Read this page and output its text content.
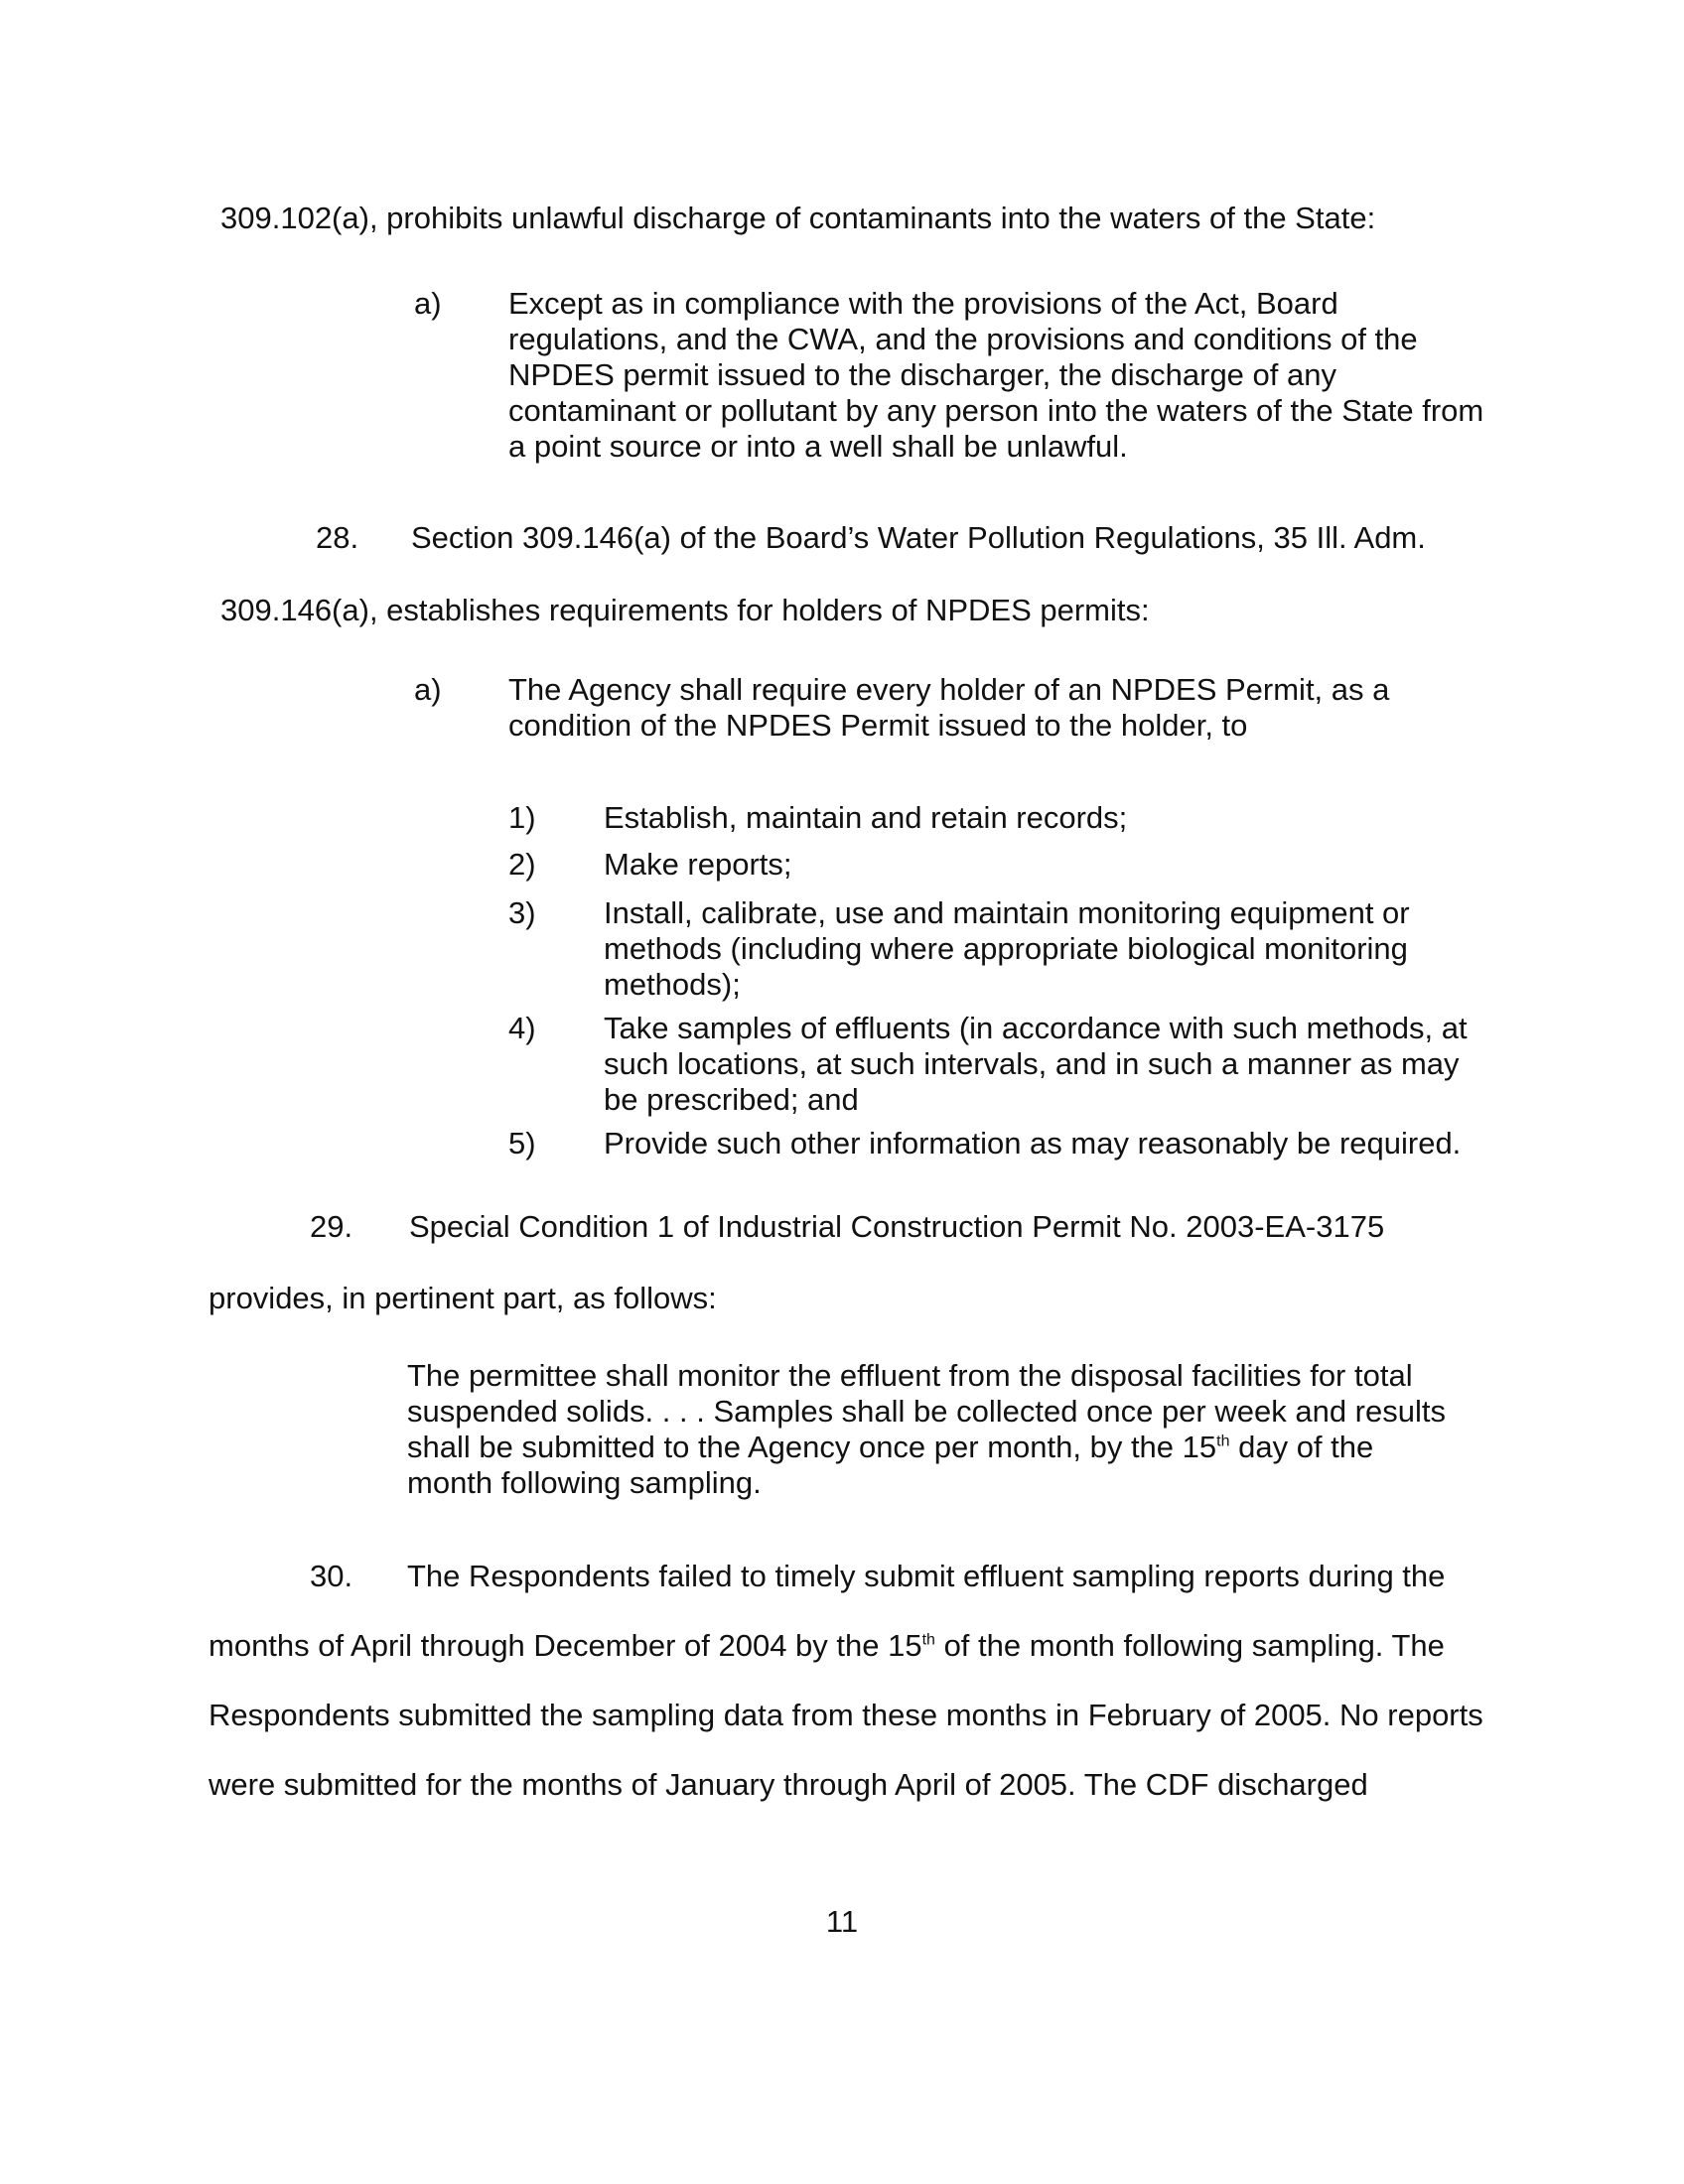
309.102(a), prohibits unlawful discharge of contaminants into the waters of the State:
a) Except as in compliance with the provisions of the Act, Board regulations, and the CWA, and the provisions and conditions of the NPDES permit issued to the discharger, the discharge of any contaminant or pollutant by any person into the waters of the State from a point source or into a well shall be unlawful.
28. Section 309.146(a) of the Board’s Water Pollution Regulations, 35 Ill. Adm.
309.146(a), establishes requirements for holders of NPDES permits:
a) The Agency shall require every holder of an NPDES Permit, as a condition of the NPDES Permit issued to the holder, to
1) Establish, maintain and retain records;
2) Make reports;
3) Install, calibrate, use and maintain monitoring equipment or methods (including where appropriate biological monitoring methods);
4) Take samples of effluents (in accordance with such methods, at such locations, at such intervals, and in such a manner as may be prescribed; and
5) Provide such other information as may reasonably be required.
29. Special Condition 1 of Industrial Construction Permit No. 2003-EA-3175
provides, in pertinent part, as follows:
The permittee shall monitor the effluent from the disposal facilities for total suspended solids. . . . Samples shall be collected once per week and results shall be submitted to the Agency once per month, by the 15th day of the month following sampling.
30. The Respondents failed to timely submit effluent sampling reports during the
months of April through December of 2004 by the 15th of the month following sampling. The
Respondents submitted the sampling data from these months in February of 2005. No reports
were submitted for the months of January through April of 2005. The CDF discharged
11
